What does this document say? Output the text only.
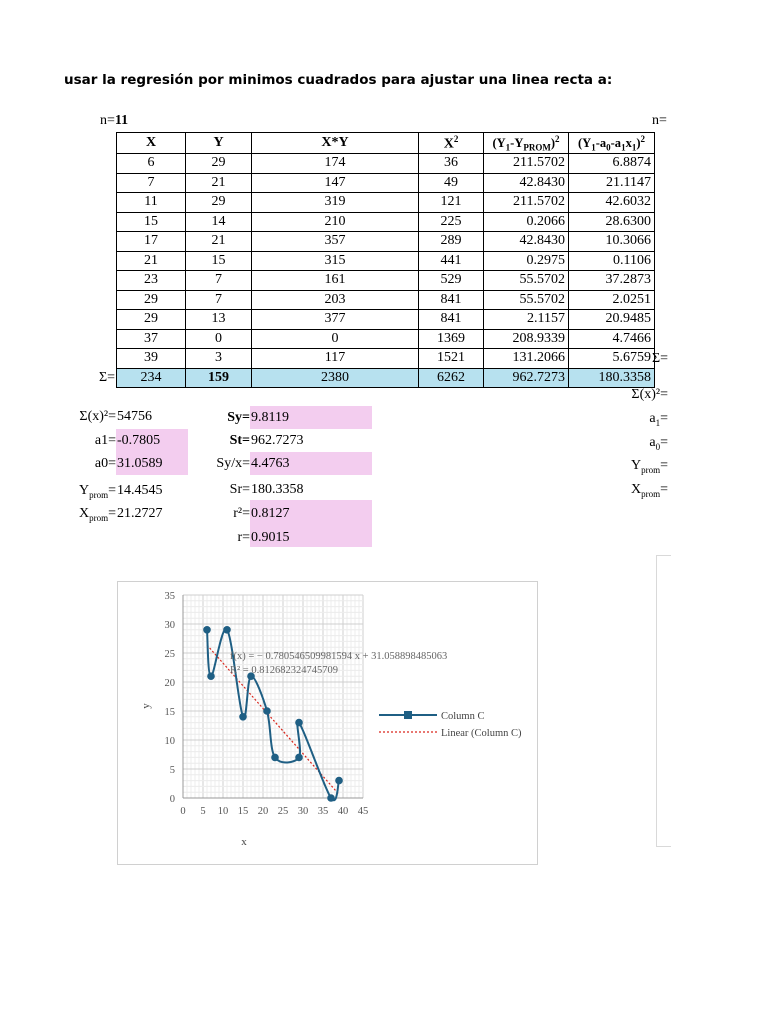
usar la regresión por minimos cuadrados para ajustar una linea recta a:
n=11	n=
X	Y	X*Y	$X^2$	$(Y_1-Y_{PROM})^2$	$(Y_1-a_0-a_1x_1)^2$
6	29	174	36	211.5702	6.8874
7	21	147	49	42.8430	21.1147
11	29	319	121	211.5702	42.6032
15	14	210	225	0.2066	28.6300
17	21	357	289	42.8430	10.3066
21	15	315	441	0.2975	0.1106
23	7	161	529	55.5702	37.2873
29	7	203	841	55.5702	2.0251
29	13	377	841	2.1157	20.9485
37	0	0	1369	208.9339	4.7466
39	3	117	1521	131.2066	5.6759
234	159	2380	6262	962.7273	180.3358
Σ=
Σ=
Σ(x)²= 54756
a1= -0.7805
a0= 31.0589
$Y_{prom}= 14.4545$
$X_{prom}= 21.2727$
Sy= 9.8119
St= 962.7273
Sy/x= 4.4763
Sr= 180.3358
r²= 0.8127
r= 0.9015
Σ(x)²=
$a_1=$
$a_0=$
$Y_{prom}=$
$X_{prom}=$
0 5 10 15 20 25 30 35 40 45
0
5
10
15
20
25
30
35
f(x) = − 0.780546509981594 x + 31.058898485063
R² = 0.812682324745709
x
y
Column C
Linear (Column C)
